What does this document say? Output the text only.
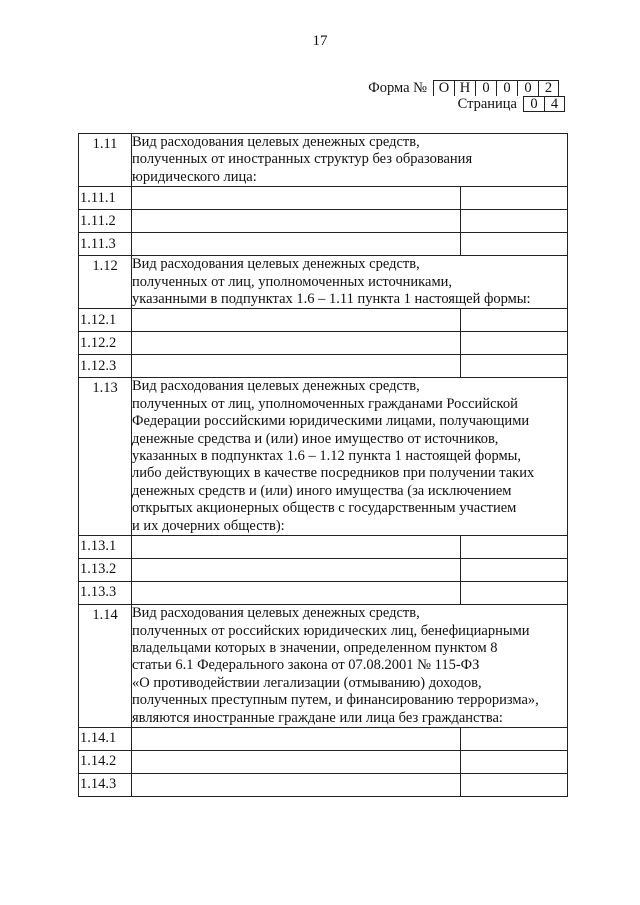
17
Форма № О Н 0 0 0 2
Страница 0 4
1.11	Вид расходования целевых денежных средств,
полученных от иностранных структур без образования
юридического лица:	

1.11.1		
1.11.2		
1.11.3		
1.12	Вид расходования целевых денежных средств,
полученных от лиц, уполномоченных источниками,
указанными в подпунктах 1.6 – 1.11 пункта 1 настоящей формы:	

1.12.1		
1.12.2		
1.12.3		
1.13	Вид расходования целевых денежных средств,
полученных от лиц, уполномоченных гражданами Российской
Федерации российскими юридическими лицами, получающими
денежные средства и (или) иное имущество от источников,
указанных в подпунктах 1.6 – 1.12 пункта 1 настоящей формы,
либо действующих в качестве посредников при получении таких
денежных средств и (или) иного имущества (за исключением
открытых акционерных обществ с государственным участием
и их дочерних обществ):

1.13.1		
1.13.2		
1.13.3		
1.14	Вид расходования целевых денежных средств,
полученных от российских юридических лиц, бенефициарными
владельцами которых в значении, определенном пунктом 8
статьи 6.1 Федерального закона от 07.08.2001 № 115-ФЗ
«О противодействии легализации (отмыванию) доходов,
полученных преступным путем, и финансированию терроризма»,
являются иностранные граждане или лица без гражданства:

1.14.1		
1.14.2		
1.14.3		
